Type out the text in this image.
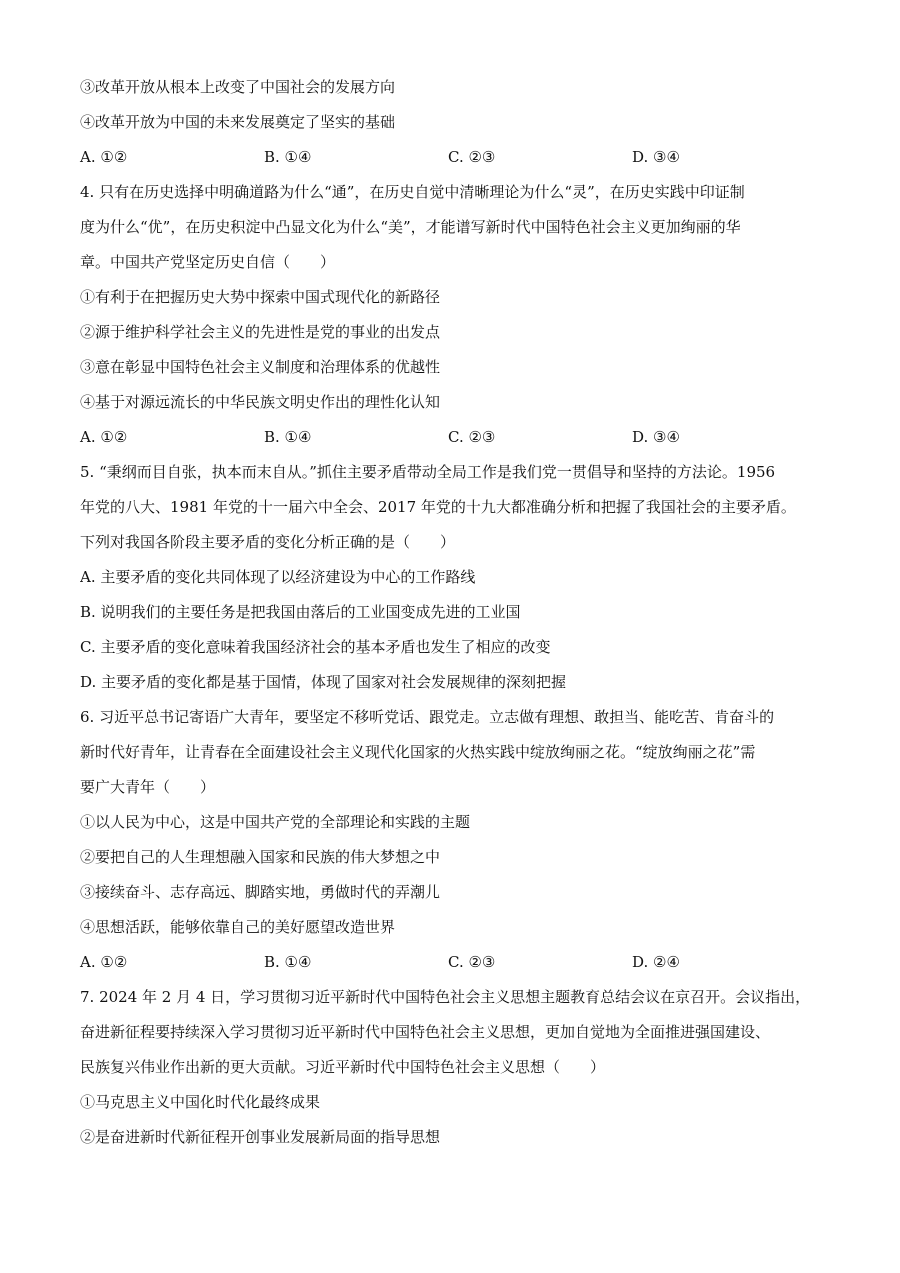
③改革开放从根本上改变了中国社会的发展方向
④改革开放为中国的未来发展奠定了坚实的基础
A. ①②	B. ①④	C. ②③	D. ③④
4. 只有在历史选择中明确道路为什么“通”，在历史自觉中清晰理论为什么“灵”，在历史实践中印证制
度为什么“优”，在历史积淀中凸显文化为什么“美”，才能谱写新时代中国特色社会主义更加绚丽的华
章。中国共产党坚定历史自信（　　）
①有利于在把握历史大势中探索中国式现代化的新路径
②源于维护科学社会主义的先进性是党的事业的出发点
③意在彰显中国特色社会主义制度和治理体系的优越性
④基于对源远流长的中华民族文明史作出的理性化认知
A. ①②	B. ①④	C. ②③	D. ③④
5. “秉纲而目自张，执本而末自从。”抓住主要矛盾带动全局工作是我们党一贯倡导和坚持的方法论。1956
年党的八大、1981 年党的十一届六中全会、2017 年党的十九大都准确分析和把握了我国社会的主要矛盾。
下列对我国各阶段主要矛盾的变化分析正确的是（　　）
A. 主要矛盾的变化共同体现了以经济建设为中心的工作路线
B. 说明我们的主要任务是把我国由落后的工业国变成先进的工业国
C. 主要矛盾的变化意味着我国经济社会的基本矛盾也发生了相应的改变
D. 主要矛盾的变化都是基于国情，体现了国家对社会发展规律的深刻把握
6. 习近平总书记寄语广大青年，要坚定不移听党话、跟党走。立志做有理想、敢担当、能吃苦、肯奋斗的
新时代好青年，让青春在全面建设社会主义现代化国家的火热实践中绽放绚丽之花。“绽放绚丽之花”需
要广大青年（　　）
①以人民为中心，这是中国共产党的全部理论和实践的主题
②要把自己的人生理想融入国家和民族的伟大梦想之中
③接续奋斗、志存高远、脚踏实地，勇做时代的弄潮儿
④思想活跃，能够依靠自己的美好愿望改造世界
A. ①②	B. ①④	C. ②③	D. ②④
7. 2024 年 2 月 4 日，学习贯彻习近平新时代中国特色社会主义思想主题教育总结会议在京召开。会议指出，
奋进新征程要持续深入学习贯彻习近平新时代中国特色社会主义思想，更加自觉地为全面推进强国建设、
民族复兴伟业作出新的更大贡献。习近平新时代中国特色社会主义思想（　　）
①马克思主义中国化时代化最终成果
②是奋进新时代新征程开创事业发展新局面的指导思想
